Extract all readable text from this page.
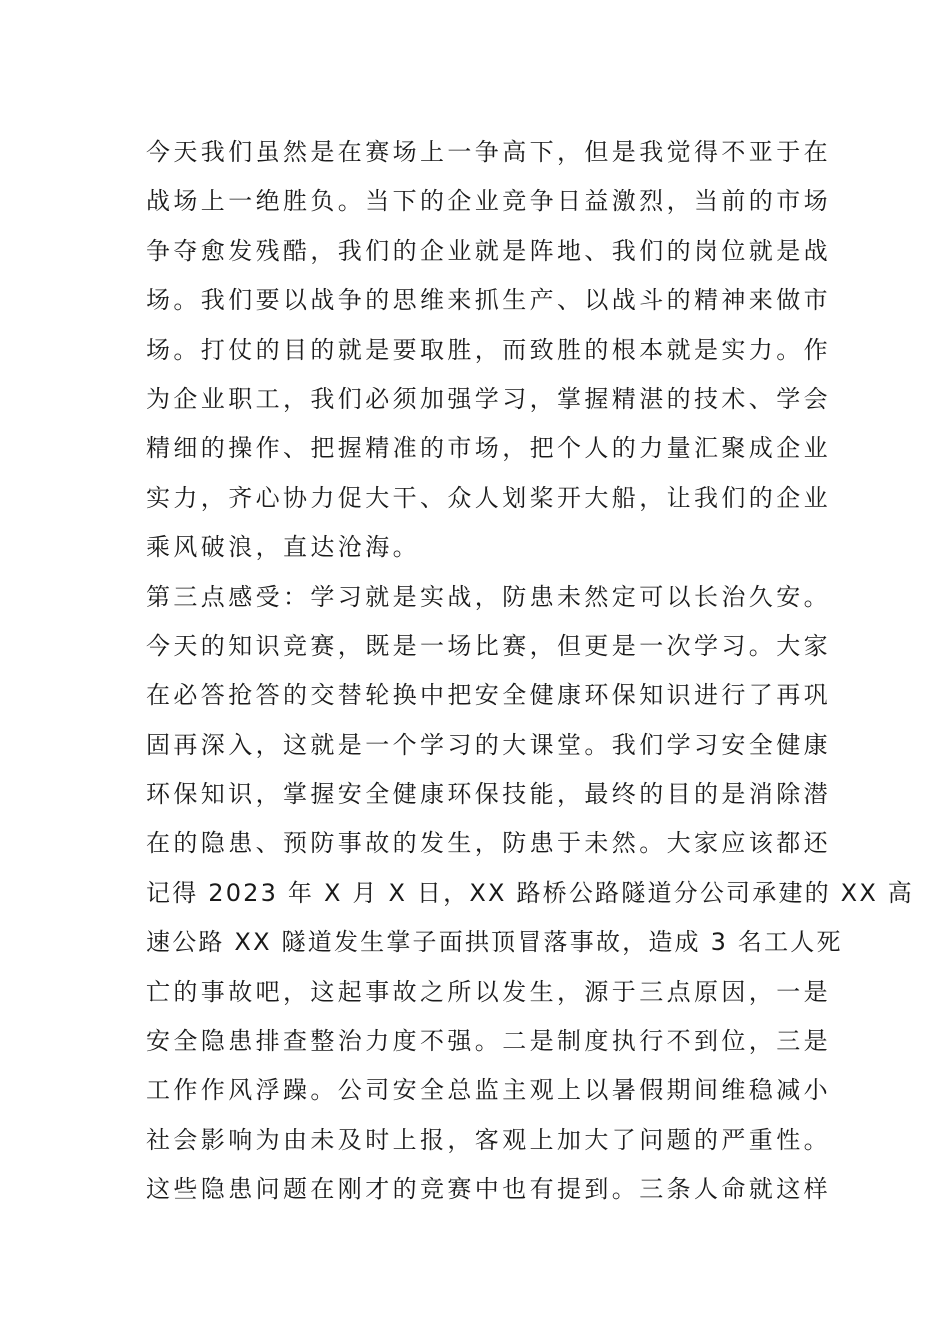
今天我们虽然是在赛场上一争高下，但是我觉得不亚于在
战场上一绝胜负。当下的企业竞争日益激烈，当前的市场
争夺愈发残酷，我们的企业就是阵地、我们的岗位就是战
场。我们要以战争的思维来抓生产、以战斗的精神来做市
场。打仗的目的就是要取胜，而致胜的根本就是实力。作
为企业职工，我们必须加强学习，掌握精湛的技术、学会
精细的操作、把握精准的市场，把个人的力量汇聚成企业
实力，齐心协力促大干、众人划桨开大船，让我们的企业
乘风破浪，直达沧海。
第三点感受：学习就是实战，防患未然定可以长治久安。
今天的知识竞赛，既是一场比赛，但更是一次学习。大家
在必答抢答的交替轮换中把安全健康环保知识进行了再巩
固再深入，这就是一个学习的大课堂。我们学习安全健康
环保知识，掌握安全健康环保技能，最终的目的是消除潜
在的隐患、预防事故的发生，防患于未然。大家应该都还
记得 2023 年 X 月 X 日，XX 路桥公路隧道分公司承建的 XX 高
速公路 XX 隧道发生掌子面拱顶冒落事故，造成 3 名工人死
亡的事故吧，这起事故之所以发生，源于三点原因，一是
安全隐患排查整治力度不强。二是制度执行不到位，三是
工作作风浮躁。公司安全总监主观上以暑假期间维稳减小
社会影响为由未及时上报，客观上加大了问题的严重性。
这些隐患问题在刚才的竞赛中也有提到。三条人命就这样
